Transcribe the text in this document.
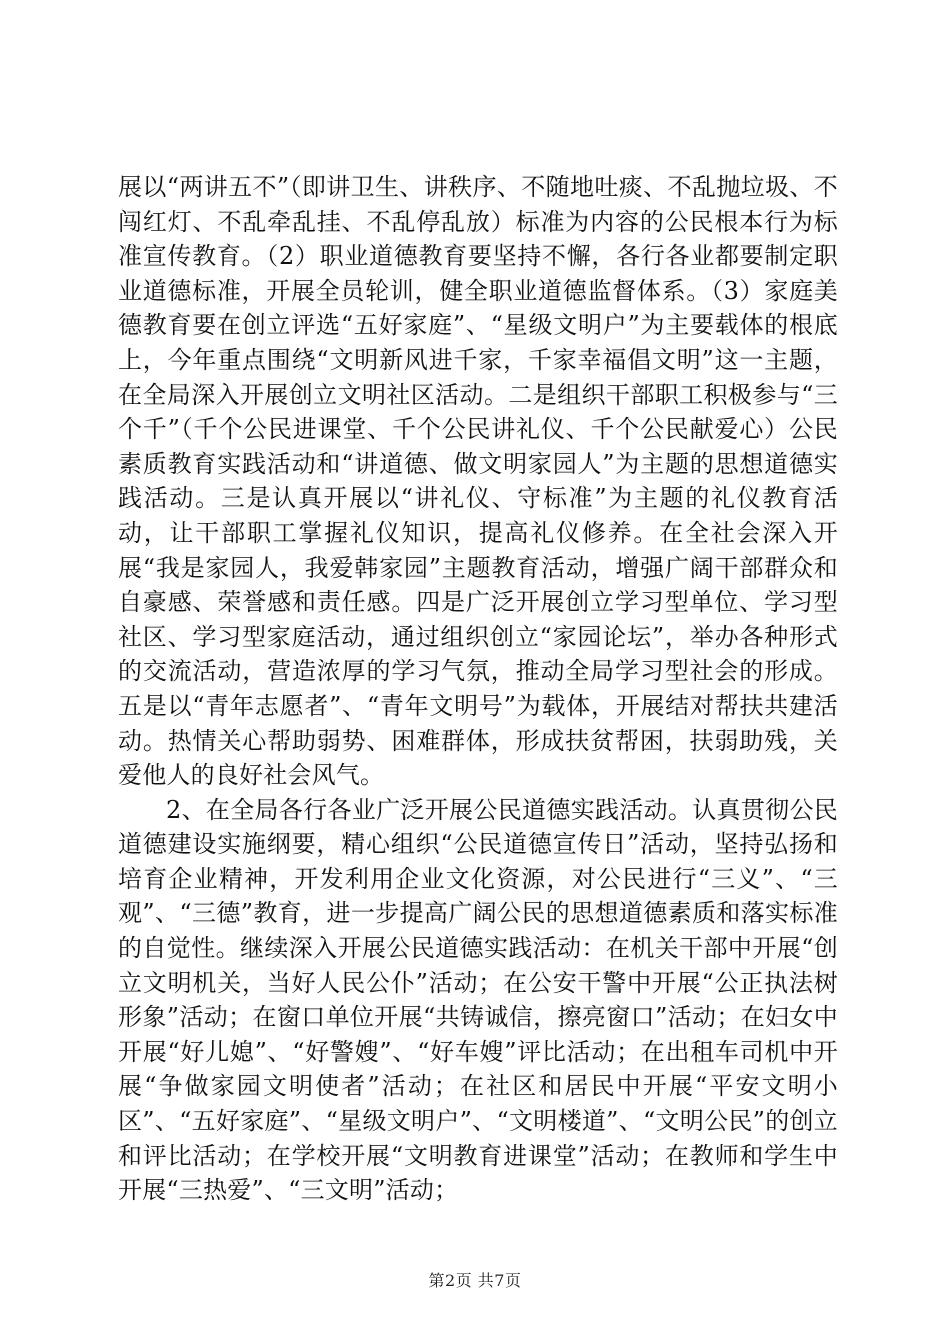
展以“两讲五不”（即讲卫生、讲秩序、不随地吐痰、不乱抛垃圾、不闯红灯、不乱牵乱挂、不乱停乱放）标准为内容的公民根本行为标准宣传教育。（2）职业道德教育要坚持不懈，各行各业都要制定职业道德标准，开展全员轮训，健全职业道德监督体系。（3）家庭美德教育要在创立评选“五好家庭”、“星级文明户”为主要载体的根底上，今年重点围绕“文明新风进千家，千家幸福倡文明”这一主题，在全局深入开展创立文明社区活动。二是组织干部职工积极参与“三个千”（千个公民进课堂、千个公民讲礼仪、千个公民献爱心）公民素质教育实践活动和“讲道德、做文明家园人”为主题的思想道德实践活动。三是认真开展以“讲礼仪、守标准”为主题的礼仪教育活动，让干部职工掌握礼仪知识，提高礼仪修养。在全社会深入开展“我是家园人，我爱韩家园”主题教育活动，增强广阔干部群众和自豪感、荣誉感和责任感。四是广泛开展创立学习型单位、学习型社区、学习型家庭活动，通过组织创立“家园论坛”，举办各种形式的交流活动，营造浓厚的学习气氛，推动全局学习型社会的形成。五是以“青年志愿者”、“青年文明号”为载体，开展结对帮扶共建活动。热情关心帮助弱势、困难群体，形成扶贫帮困，扶弱助残，关爱他人的良好社会风气。

2、在全局各行各业广泛开展公民道德实践活动。认真贯彻公民道德建设实施纲要，精心组织“公民道德宣传日”活动，坚持弘扬和培育企业精神，开发利用企业文化资源，对公民进行“三义”、“三观”、“三德”教育，进一步提高广阔公民的思想道德素质和落实标准的自觉性。继续深入开展公民道德实践活动：在机关干部中开展“创立文明机关，当好人民公仆”活动；在公安干警中开展“公正执法树形象”活动；在窗口单位开展“共铸诚信，擦亮窗口”活动；在妇女中开展“好儿媳”、“好警嫂”、“好车嫂”评比活动；在出租车司机中开展“争做家园文明使者”活动；在社区和居民中开展“平安文明小区”、“五好家庭”、“星级文明户”、“文明楼道”、“文明公民”的创立和评比活动；在学校开展“文明教育进课堂”活动；在教师和学生中开展“三热爱”、“三文明”活动；

第2页 共7页
